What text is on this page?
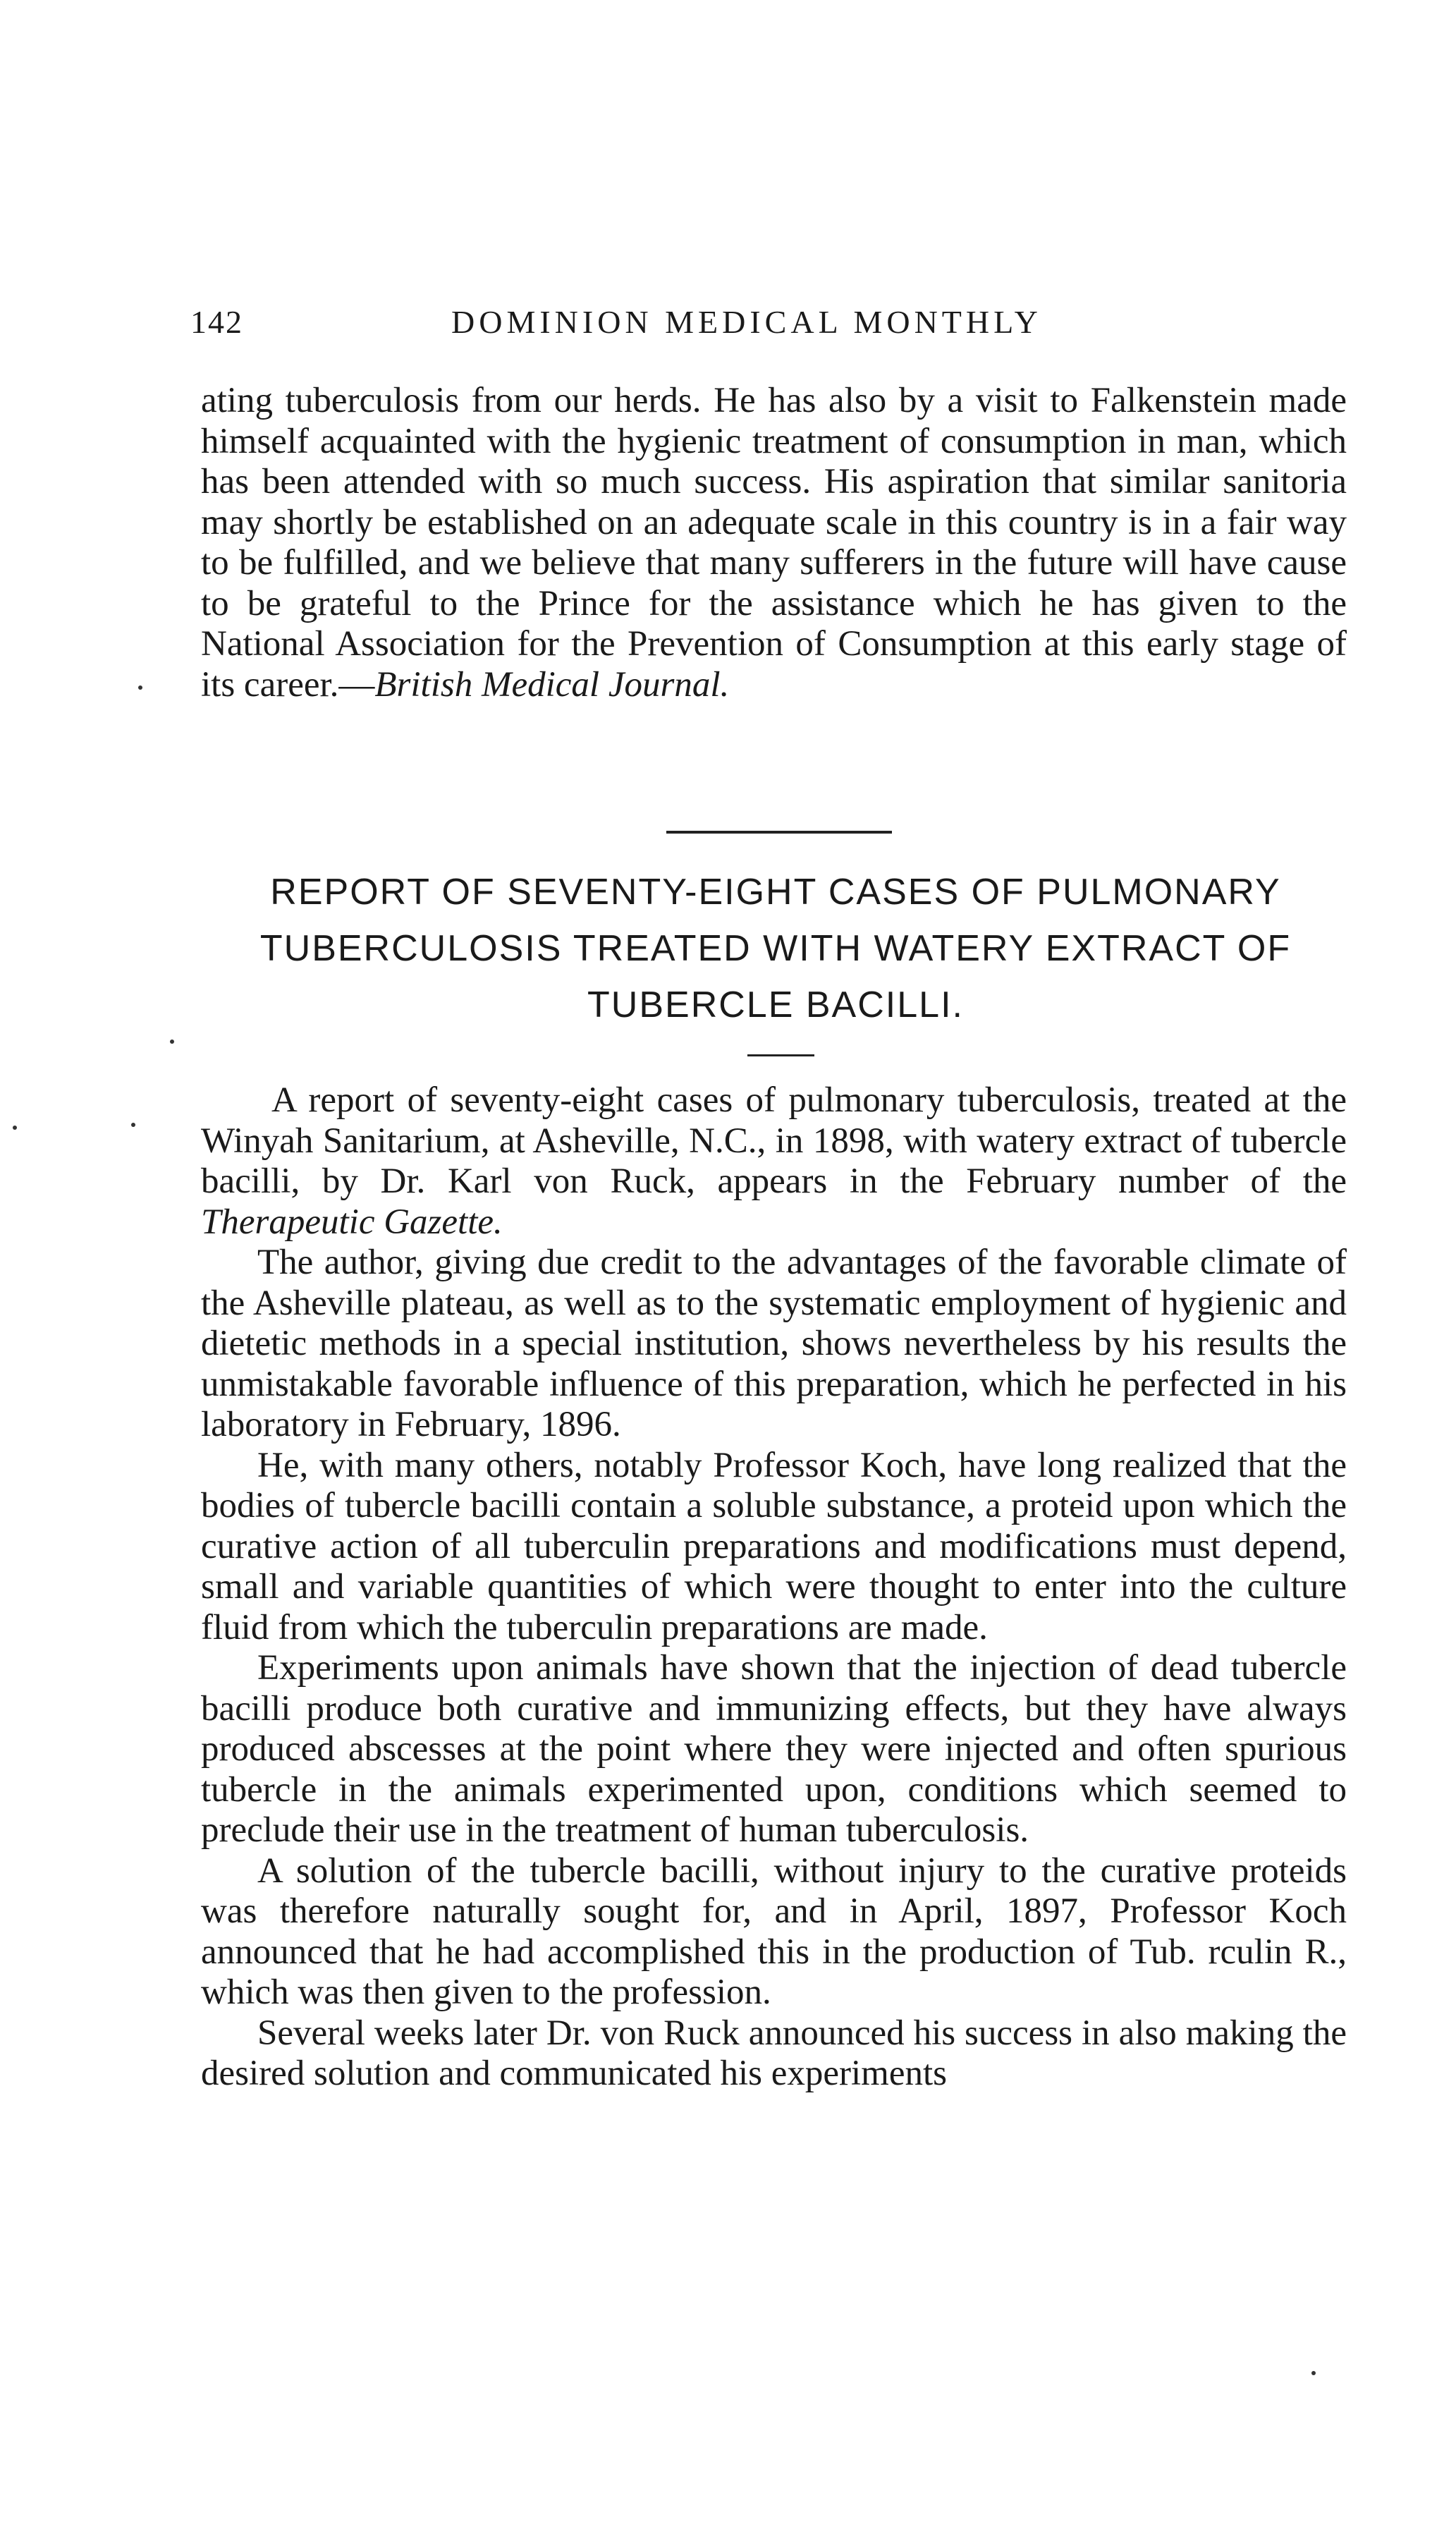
142	DOMINION MEDICAL MONTHLY

ating tuberculosis from our herds. He has also by a visit to Falkenstein made himself acquainted with the hygienic treatment of consumption in man, which has been attended with so much success. His aspiration that similar sanitoria may shortly be established on an adequate scale in this country is in a fair way to be fulfilled, and we believe that many sufferers in the future will have cause to be grateful to the Prince for the assistance which he has given to the National Association for the Prevention of Consumption at this early stage of its career.—British Medical Journal.

REPORT OF SEVENTY-EIGHT CASES OF PULMONARY TUBERCULOSIS TREATED WITH WATERY EXTRACT OF TUBERCLE BACILLI.

A report of seventy-eight cases of pulmonary tuberculosis, treated at the Winyah Sanitarium, at Asheville, N.C., in 1898, with watery extract of tubercle bacilli, by Dr. Karl von Ruck, appears in the February number of the Therapeutic Gazette.

The author, giving due credit to the advantages of the favorable climate of the Asheville plateau, as well as to the systematic employment of hygienic and dietetic methods in a special institution, shows nevertheless by his results the unmistakable favorable influence of this preparation, which he perfected in his laboratory in February, 1896.

He, with many others, notably Professor Koch, have long realized that the bodies of tubercle bacilli contain a soluble substance, a proteid upon which the curative action of all tuberculin preparations and modifications must depend, small and variable quantities of which were thought to enter into the culture fluid from which the tuberculin preparations are made.

Experiments upon animals have shown that the injection of dead tubercle bacilli produce both curative and immunizing effects, but they have always produced abscesses at the point where they were injected and often spurious tubercle in the animals experimented upon, conditions which seemed to preclude their use in the treatment of human tuberculosis.

A solution of the tubercle bacilli, without injury to the curative proteids was therefore naturally sought for, and in April, 1897, Professor Koch announced that he had accomplished this in the production of Tub. rculin R., which was then given to the profession.

Several weeks later Dr. von Ruck announced his success in also making the desired solution and communicated his experiments
